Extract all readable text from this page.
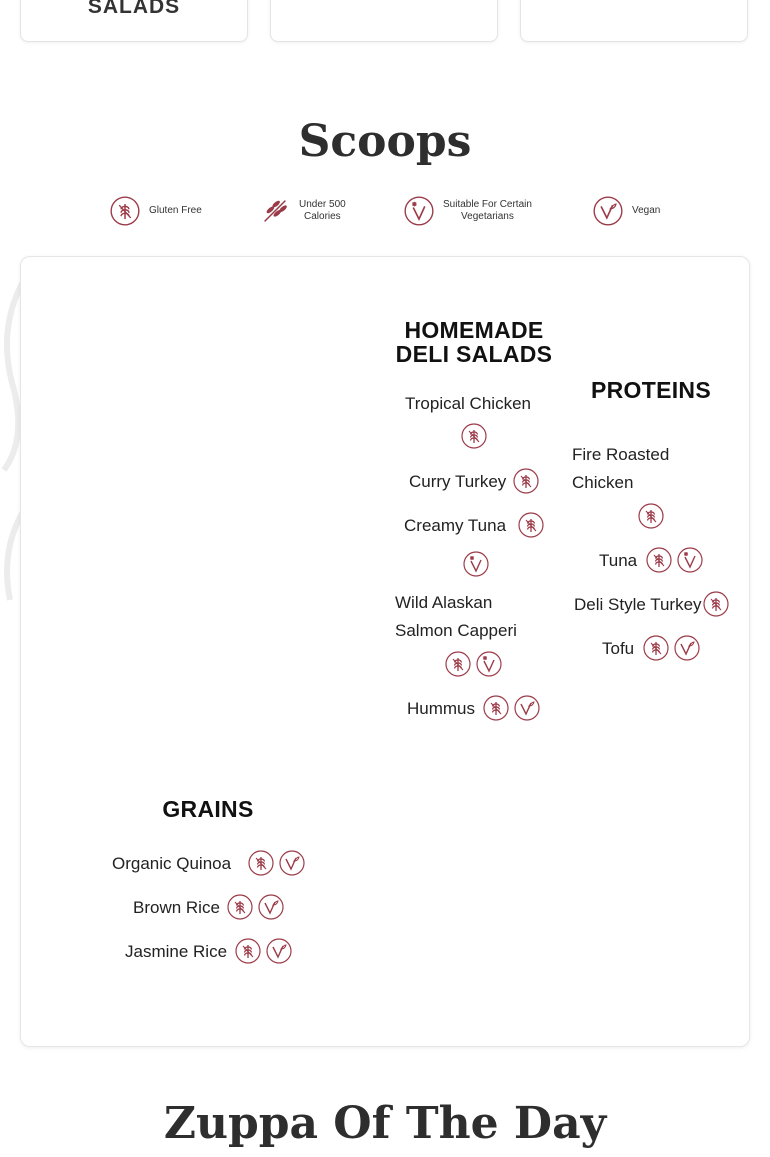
SALADS
Scoops
Gluten Free
Under 500
Calories
Suitable For Certain
Vegetarians
Vegan
HOMEMADE
DELI SALADS
Tropical Chicken
Curry Turkey
Creamy Tuna
Wild Alaskan
Salmon Capperi
Hummus
PROTEINS
Fire Roasted
Chicken
Tuna
Deli Style Turkey
Tofu
GRAINS
Organic Quinoa
Brown Rice
Jasmine Rice
Zuppa Of The Day
